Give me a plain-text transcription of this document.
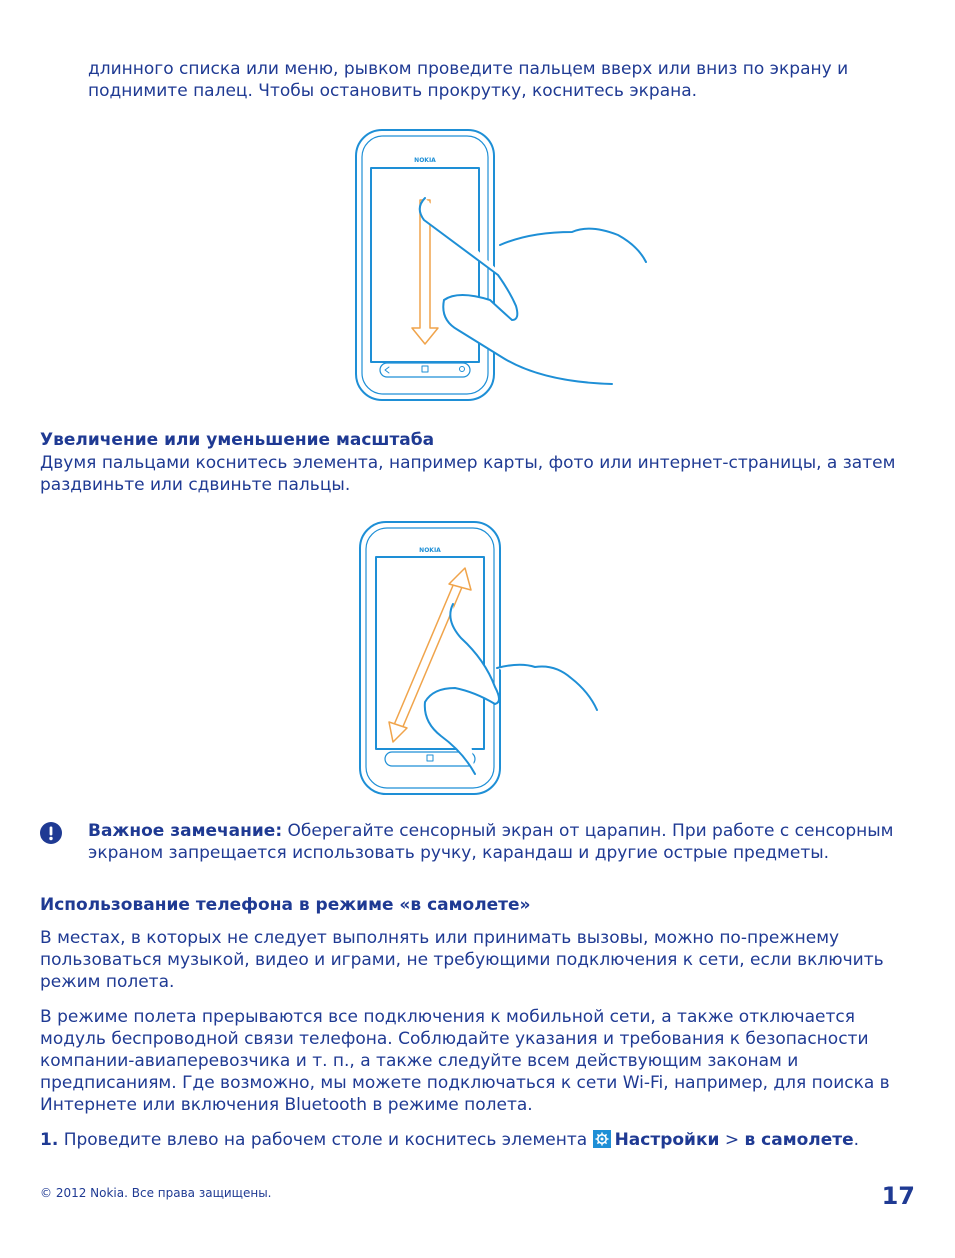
длинного списка или меню, рывком проведите пальцем вверх или вниз по экрану и поднимите палец. Чтобы остановить прокрутку, коснитесь экрана.

NOKIA

Увеличение или уменьшение масштаба

Двумя пальцами коснитесь элемента, например карты, фото или интернет-страницы, а затем раздвиньте или сдвиньте пальцы.

NOKIA

Важное замечание: Оберегайте сенсорный экран от царапин. При работе с сенсорным экраном запрещается использовать ручку, карандаш и другие острые предметы.

Использование телефона в режиме «в самолете»

В местах, в которых не следует выполнять или принимать вызовы, можно по-прежнему пользоваться музыкой, видео и играми, не требующими подключения к сети, если включить режим полета.

В режиме полета прерываются все подключения к мобильной сети, а также отключается модуль беспроводной связи телефона. Соблюдайте указания и требования к безопасности компании-авиаперевозчика и т. п., а также следуйте всем действующим законам и предписаниям. Где возможно, мы можете подключаться к сети Wi-Fi, например, для поиска в Интернете или включения Bluetooth в режиме полета.

1. Проведите влево на рабочем столе и коснитесь элемента Настройки > в самолете.

© 2012 Nokia. Все права защищены.	17
